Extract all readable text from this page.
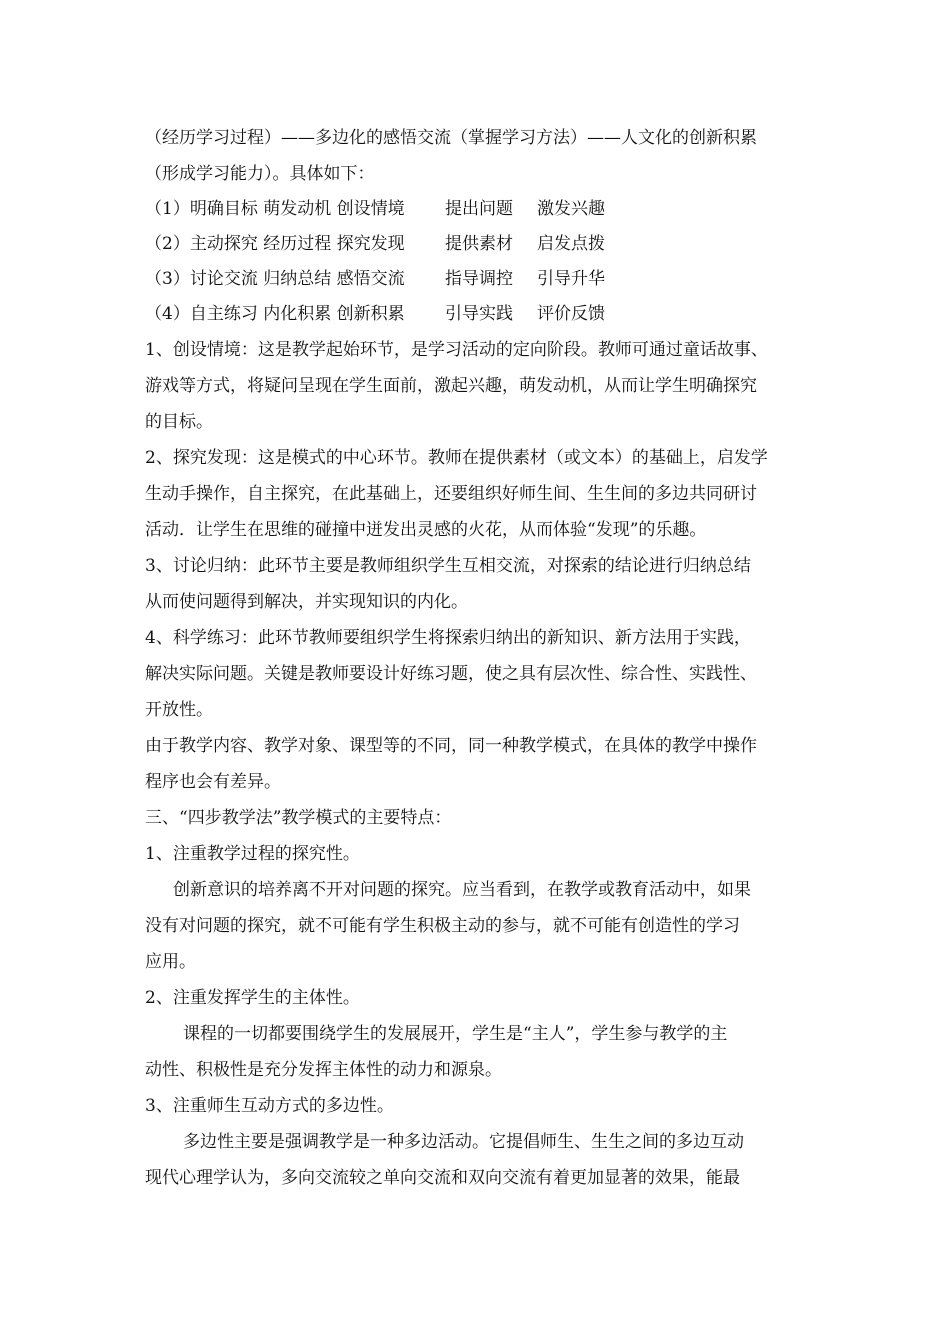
（经历学习过程）——多边化的感悟交流（掌握学习方法）——人文化的创新积累
（形成学习能力）。具体如下：
（1）明确目标 萌发动机 创设情境 提出问题 激发兴趣
（2）主动探究 经历过程 探究发现 提供素材 启发点拨
（3）讨论交流 归纳总结 感悟交流 指导调控 引导升华
（4）自主练习 内化积累 创新积累 引导实践 评价反馈
1、创设情境：这是教学起始环节，是学习活动的定向阶段。教师可通过童话故事、
游戏等方式，将疑问呈现在学生面前，激起兴趣，萌发动机，从而让学生明确探究
的目标。
2、探究发现：这是模式的中心环节。教师在提供素材（或文本）的基础上，启发学
生动手操作，自主探究，在此基础上，还要组织好师生间、生生间的多边共同研讨
活动．让学生在思维的碰撞中迸发出灵感的火花，从而体验“发现”的乐趣。
3、讨论归纳：此环节主要是教师组织学生互相交流，对探索的结论进行归纳总结
从而使问题得到解决，并实现知识的内化。
4、科学练习：此环节教师要组织学生将探索归纳出的新知识、新方法用于实践，
解决实际问题。关键是教师要设计好练习题，使之具有层次性、综合性、实践性、
开放性。
由于教学内容、教学对象、课型等的不同，同一种教学模式，在具体的教学中操作
程序也会有差异。
三、“四步教学法”教学模式的主要特点：
1、注重教学过程的探究性。
创新意识的培养离不开对问题的探究。应当看到，在教学或教育活动中，如果
没有对问题的探究，就不可能有学生积极主动的参与，就不可能有创造性的学习
应用。
2、注重发挥学生的主体性。
课程的一切都要围绕学生的发展展开，学生是“主人”，学生参与教学的主
动性、积极性是充分发挥主体性的动力和源泉。
3、注重师生互动方式的多边性。
多边性主要是强调教学是一种多边活动。它提倡师生、生生之间的多边互动
现代心理学认为，多向交流较之单向交流和双向交流有着更加显著的效果，能最
